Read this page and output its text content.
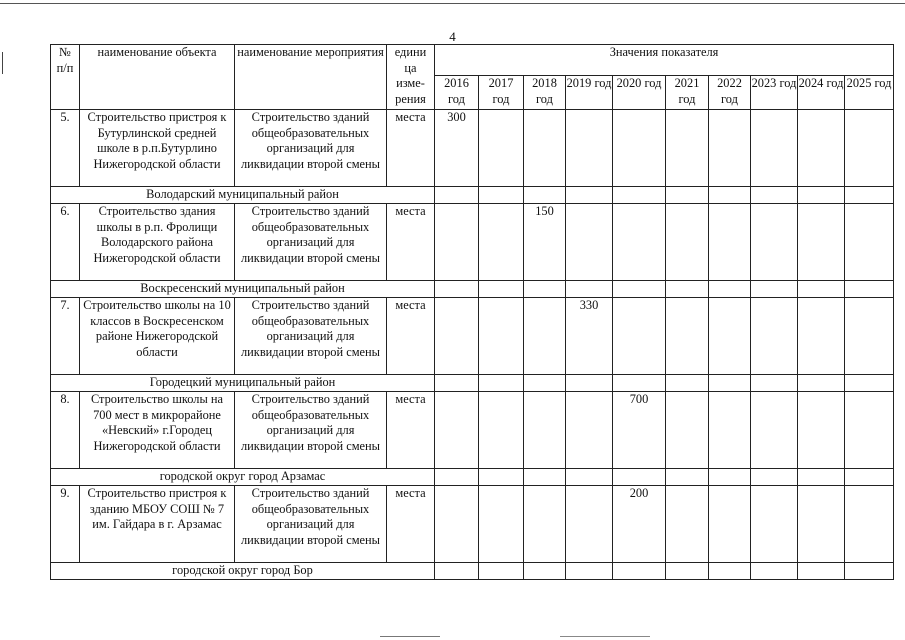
4
№ п/п	наименование объекта	наименование мероприятия	едини ца изме- рения	Значения показателя									
				2016 год	2017 год	2018 год	2019 год	2020 год	2021 год	2022 год	2023 год	2024 год	2025 год
5.	Строительство пристроя к Бутурлинской средней школе в р.п.Бутурлино Нижегородской области	Строительство зданий общеобразовательных организаций для ликвидации второй смены	места	300									
Володарский муниципальный район													
6.	Строительство здания школы в р.п. Фролищи Володарского района Нижегородской области	Строительство зданий общеобразовательных организаций для ликвидации второй смены	места			150							
Воскресенский муниципальный район													
7.	Строительство школы на 10 классов в Воскресенском районе Нижегородской области	Строительство зданий общеобразовательных организаций для ликвидации второй смены	места				330						
Городецкий муниципальный район													
8.	Строительство школы на 700 мест в микрорайоне «Невский» г.Городец Нижегородской области	Строительство зданий общеобразовательных организаций для ликвидации второй смены	места					700					
городской округ город Арзамас													
9.	Строительство пристроя к зданию МБОУ СОШ № 7 им. Гайдара в г. Арзамас	Строительство зданий общеобразовательных организаций для ликвидации второй смены	места					200					
городской округ город Бор													
